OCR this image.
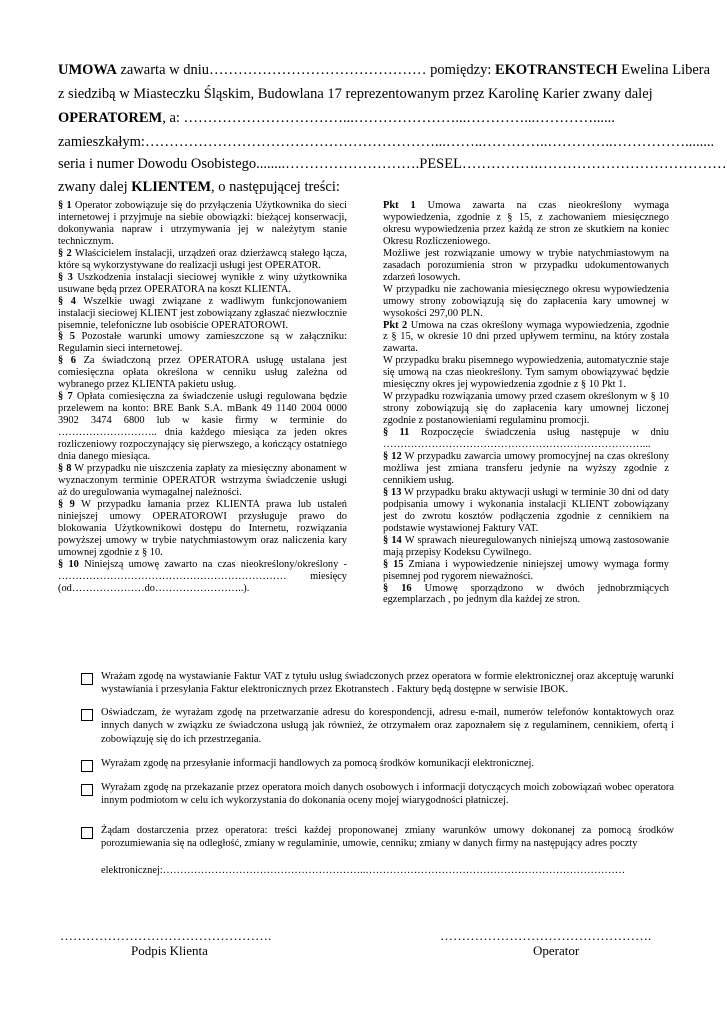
UMOWA zawarta w dniu……………………………………… pomiędzy: EKOTRANSTECH Ewelina Libera
z siedzibą w Miasteczku Śląskim, Budowlana 17 reprezentowanym przez Karolinę Karier zwany dalej
OPERATOREM, a: ……………………………...…………………...…………...…………......
zamieszkałym:……………………………………………………...……..…………..…………..……………........
seria i numer Dowodu Osobistego........……………………….PESEL…………….…………………………………
zwany dalej KLIENTEM, o następującej treści:

§ 1 Operator zobowiązuje się do przyłączenia Użytkownika do sieci internetowej i przyjmuje na siebie obowiązki: bieżącej konserwacji, dokonywania napraw i utrzymywania jej w należytym stanie technicznym.

§ 2 Właścicielem instalacji, urządzeń oraz dzierżawcą stałego łącza, które są wykorzystywane do realizacji usługi jest OPERATOR.

§ 3 Uszkodzenia instalacji sieciowej wynikłe z winy użytkownika usuwane będą przez OPERATORA na koszt KLIENTA.

§ 4 Wszelkie uwagi związane z wadliwym funkcjonowaniem instalacji sieciowej KLIENT jest zobowiązany zgłaszać niezwłocznie pisemnie, telefoniczne lub osobiście OPERATOROWI.

§ 5 Pozostałe warunki umowy zamieszczone są w załączniku: Regulamin sieci internetowej.

§ 6 Za świadczoną przez OPERATORA usługę ustalana jest comiesięczna opłata określona w cenniku usług zależna od wybranego przez KLIENTA pakietu usług.

§ 7 Opłata comiesięczna za świadczenie usługi regulowana będzie przelewem na konto: BRE Bank S.A. mBank 49 1140 2004 0000 3902 3474 6800 lub w kasie firmy w terminie do ……………………….. dnia każdego miesiąca za jeden okres rozliczeniowy rozpoczynający się pierwszego, a kończący ostatniego dnia danego miesiąca.

§ 8 W przypadku nie uiszczenia zapłaty za miesięczny abonament w wyznaczonym terminie OPERATOR wstrzyma świadczenie usługi aż do uregulowania wymagalnej należności.

§ 9 W przypadku łamania przez KLIENTA prawa lub ustaleń niniejszej umowy OPERATOROWI przysługuje prawo do blokowania Użytkownikowi dostępu do Internetu, rozwiązania powyższej umowy w trybie natychmiastowym oraz naliczenia kary umownej zgodnie z § 10.

§ 10 Niniejszą umowę zawarto na czas nieokreślony/określony - ………………………………………………………… miesięcy (od…………………do……………………..).

Pkt 1 Umowa zawarta na czas nieokreślony wymaga wypowiedzenia, zgodnie z § 15, z zachowaniem miesięcznego okresu wypowiedzenia przez każdą ze stron ze skutkiem na koniec Okresu Rozliczeniowego.

Możliwe jest rozwiązanie umowy w trybie natychmiastowym na zasadach porozumienia stron w przypadku udokumentowanych zdarzeń losowych.

W przypadku nie zachowania miesięcznego okresu wypowiedzenia umowy strony zobowiązują się do zapłacenia kary umownej w wysokości 297,00 PLN.

Pkt 2 Umowa na czas określony wymaga wypowiedzenia, zgodnie z § 15, w okresie 10 dni przed upływem terminu, na który została zawarta.

W przypadku braku pisemnego wypowiedzenia, automatycznie staje się umową na czas nieokreślony. Tym samym obowiązywać będzie miesięczny okres jej wypowiedzenia zgodnie z § 10 Pkt 1.

W przypadku rozwiązania umowy przed czasem określonym w § 10 strony zobowiązują się do zapłacenia kary umownej liczonej zgodnie z postanowieniami regulaminu promocji.

§ 11 Rozpoczęcie świadczenia usług następuje w dniu …………………………………………………………………...

§ 12 W przypadku zawarcia umowy promocyjnej na czas określony możliwa jest zmiana transferu jedynie na wyższy zgodnie z cennikiem usług.

§ 13 W przypadku braku aktywacji usługi w terminie 30 dni od daty podpisania umowy i wykonania instalacji KLIENT zobowiązany jest do zwrotu kosztów podłączenia zgodnie z cennikiem na podstawie wystawionej Faktury VAT.

§ 14 W sprawach nieuregulowanych niniejszą umową zastosowanie mają przepisy Kodeksu Cywilnego.

§ 15 Zmiana i wypowiedzenie niniejszej umowy wymaga formy pisemnej pod rygorem nieważności.

§ 16 Umowę sporządzono w dwóch jednobrzmiących egzemplarzach , po jednym dla każdej ze stron.

Wrażam zgodę na wystawianie Faktur VAT z tytułu usług świadczonych przez operatora w formie elektronicznej oraz akceptuję warunki wystawiania i przesyłania Faktur elektronicznych przez Ekotranstech . Faktury będą dostępne w serwisie IBOK.
Oświadczam, że wyrażam zgodę na przetwarzanie adresu do korespondencji, adresu e-mail, numerów telefonów kontaktowych oraz innych danych w związku ze świadczona usługą jak również, że otrzymałem oraz zapoznałem się z regulaminem, cennikiem, ofertą i zobowiązuję się do ich przestrzegania.
Wyrażam zgodę na przesyłanie informacji handlowych za pomocą środków komunikacji elektronicznej.
Wyrażam zgodę na przekazanie przez operatora moich danych osobowych i informacji dotyczących moich zobowiązań wobec operatora innym podmiotom w celu ich wykorzystania do dokonania oceny mojej wiarygodności płatniczej.
Żądam dostarczenia przez operatora: treści każdej proponowanej zmiany warunków umowy dokonanej za pomocą środków porozumiewania się na odległość, zmiany w regulaminie, umowie, cenniku; zmiany w danych firmy na następujący adres poczty
elektronicznej:…………………………………………………..…………………………………………………………………
………………………………………….	………………………………………….
Podpis Klienta	Operator
